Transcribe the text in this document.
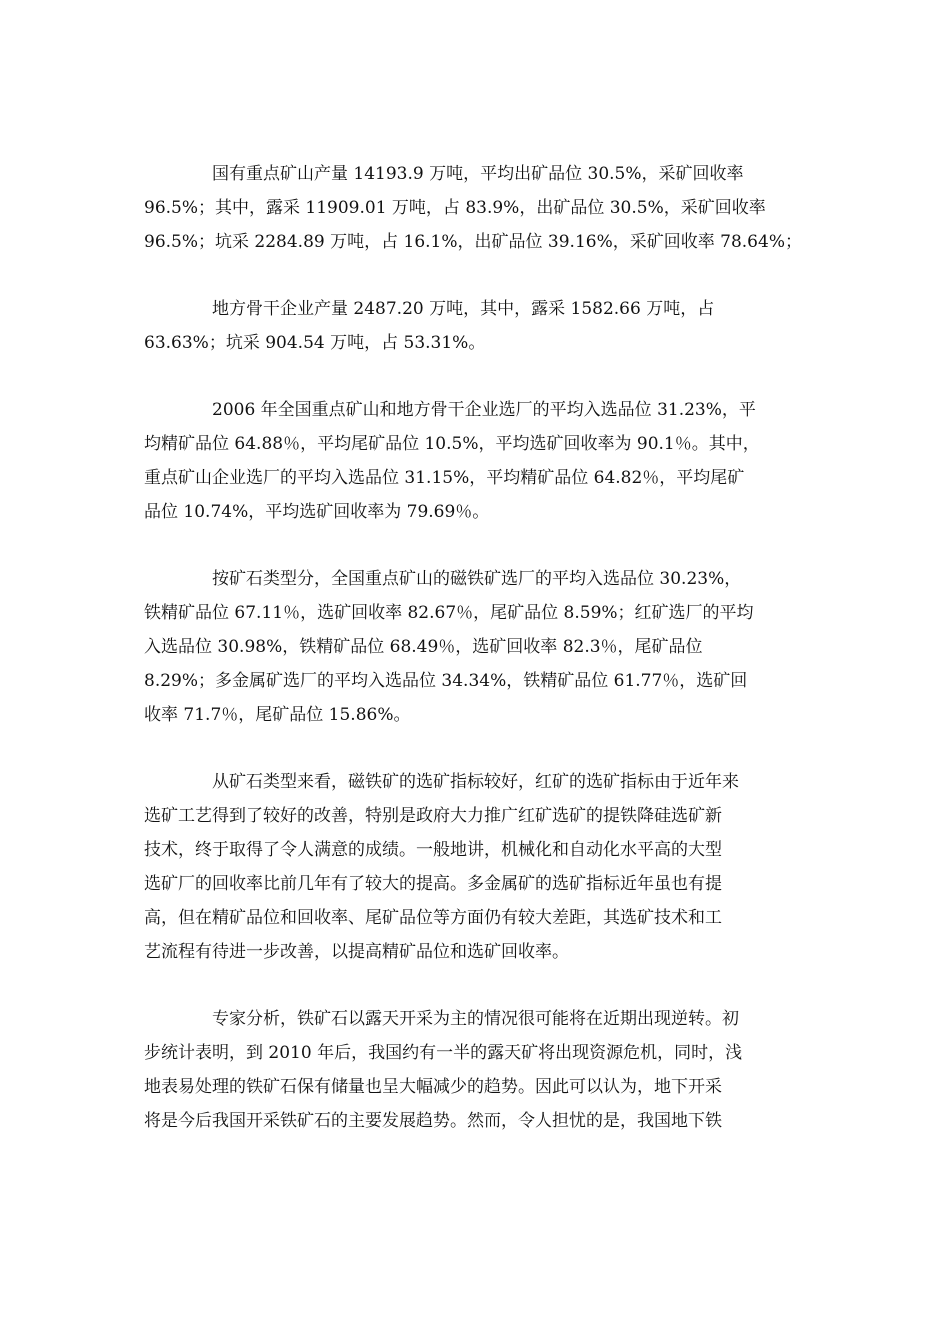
国有重点矿山产量 14193.9 万吨，平均出矿品位 30.5%，采矿回收率
96.5%；其中，露采 11909.01 万吨，占 83.9%，出矿品位 30.5%，采矿回收率
96.5%；坑采 2284.89 万吨，占 16.1%，出矿品位 39.16%，采矿回收率 78.64%；

地方骨干企业产量 2487.20 万吨，其中，露采 1582.66 万吨，占
63.63%；坑采 904.54 万吨，占 53.31%。

2006 年全国重点矿山和地方骨干企业选厂的平均入选品位 31.23%，平
均精矿品位 64.88％，平均尾矿品位 10.5%，平均选矿回收率为 90.1％。其中，
重点矿山企业选厂的平均入选品位 31.15%，平均精矿品位 64.82％，平均尾矿
品位 10.74%，平均选矿回收率为 79.69％。

按矿石类型分，全国重点矿山的磁铁矿选厂的平均入选品位 30.23%，
铁精矿品位 67.11％，选矿回收率 82.67％，尾矿品位 8.59%；红矿选厂的平均
入选品位 30.98%，铁精矿品位 68.49％，选矿回收率 82.3％，尾矿品位
8.29%；多金属矿选厂的平均入选品位 34.34%，铁精矿品位 61.77％，选矿回
收率 71.7％，尾矿品位 15.86%。

从矿石类型来看，磁铁矿的选矿指标较好，红矿的选矿指标由于近年来
选矿工艺得到了较好的改善，特别是政府大力推广红矿选矿的提铁降硅选矿新
技术，终于取得了令人满意的成绩。一般地讲，机械化和自动化水平高的大型
选矿厂的回收率比前几年有了较大的提高。多金属矿的选矿指标近年虽也有提
高，但在精矿品位和回收率、尾矿品位等方面仍有较大差距，其选矿技术和工
艺流程有待进一步改善，以提高精矿品位和选矿回收率。

专家分析，铁矿石以露天开采为主的情况很可能将在近期出现逆转。初
步统计表明，到 2010 年后，我国约有一半的露天矿将出现资源危机，同时，浅
地表易处理的铁矿石保有储量也呈大幅减少的趋势。因此可以认为，地下开采
将是今后我国开采铁矿石的主要发展趋势。然而，令人担忧的是，我国地下铁
